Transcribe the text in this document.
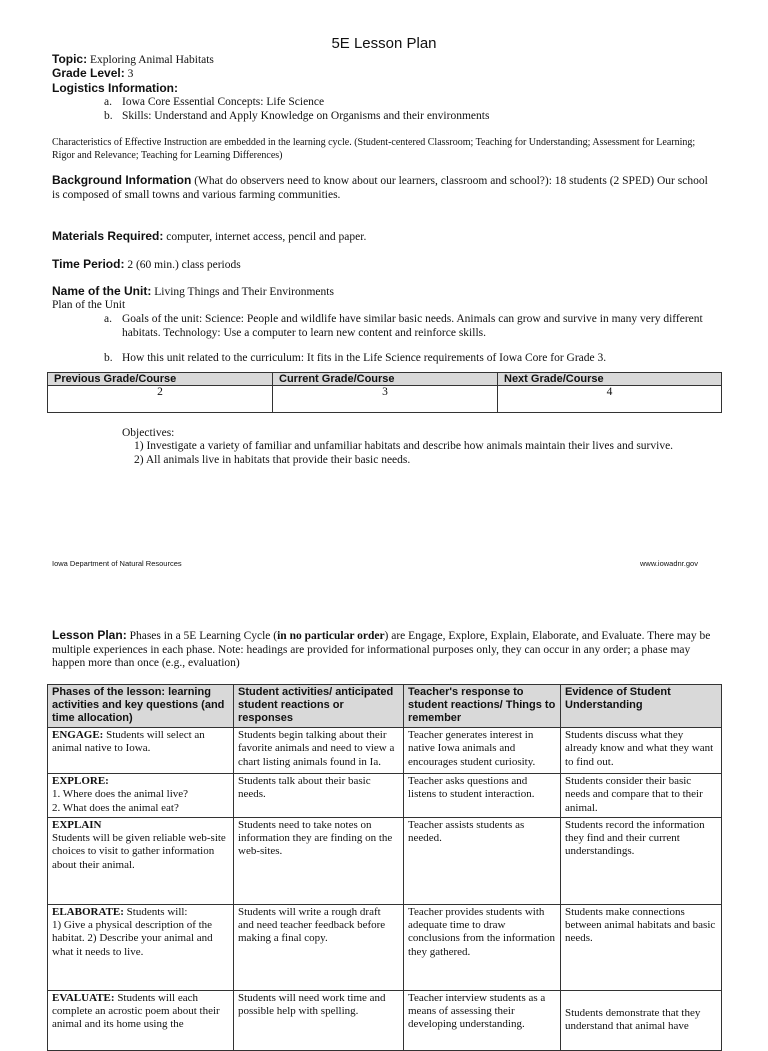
5E Lesson Plan
Topic: Exploring Animal Habitats
Grade Level: 3
Logistics Information:
a. Iowa Core Essential Concepts: Life Science
b. Skills: Understand and Apply Knowledge on Organisms and their environments
Characteristics of Effective Instruction are embedded in the learning cycle. (Student-centered Classroom; Teaching for Understanding; Assessment for Learning; Rigor and Relevance; Teaching for Learning Differences)
Background Information (What do observers need to know about our learners, classroom and school?): 18 students (2 SPED) Our school is composed of small towns and various farming communities.
Materials Required: computer, internet access, pencil and paper.
Time Period: 2 (60 min.) class periods
Name of the Unit: Living Things and Their Environments
Plan of the Unit
a. Goals of the unit: Science: People and wildlife have similar basic needs. Animals can grow and survive in many very different habitats. Technology: Use a computer to learn new content and reinforce skills.
b. How this unit related to the curriculum: It fits in the Life Science requirements of Iowa Core for Grade 3.
Previous Grade/Course	Current Grade/Course	Next Grade/Course
2	3	4
Objectives:
1) Investigate a variety of familiar and unfamiliar habitats and describe how animals maintain their lives and survive.
2) All animals live in habitats that provide their basic needs.
Iowa Department of Natural Resources	www.iowadnr.gov
Lesson Plan: Phases in a 5E Learning Cycle (in no particular order) are Engage, Explore, Explain, Elaborate, and Evaluate. There may be multiple experiences in each phase. Note: headings are provided for informational purposes only, they can occur in any order; a phase may happen more than once (e.g., evaluation)
Phases of the lesson: learning activities and key questions (and time allocation)	Student activities/ anticipated student reactions or responses	Teacher's response to student reactions/ Things to remember	Evidence of Student Understanding
ENGAGE: Students will select an animal native to Iowa.	Students begin talking about their favorite animals and need to view a chart listing animals found in Ia.	Teacher generates interest in native Iowa animals and encourages student curiosity.	Students discuss what they already know and what they want to find out.
EXPLORE:
1. Where does the animal live?
2. What does the animal eat?	Students talk about their basic needs.	Teacher asks questions and listens to student interaction.	Students consider their basic needs and compare that to their animal.
EXPLAIN
Students will be given reliable web-site choices to visit to gather information about their animal.	Students need to take notes on information they are finding on the web-sites.	Teacher assists students as needed.	Students record the information they find and their current understandings.
ELABORATE: Students will:
1) Give a physical description of the habitat. 2) Describe your animal and what it needs to live.	Students will write a rough draft and need teacher feedback before making a final copy.	Teacher provides students with adequate time to draw conclusions from the information they gathered.	Students make connections between animal habitats and basic needs.
EVALUATE: Students will each complete an acrostic poem about their animal and its home using the	Students will need work time and possible help with spelling.	Teacher interview students as a means of assessing their developing understanding.	Students demonstrate that they understand that animal have
